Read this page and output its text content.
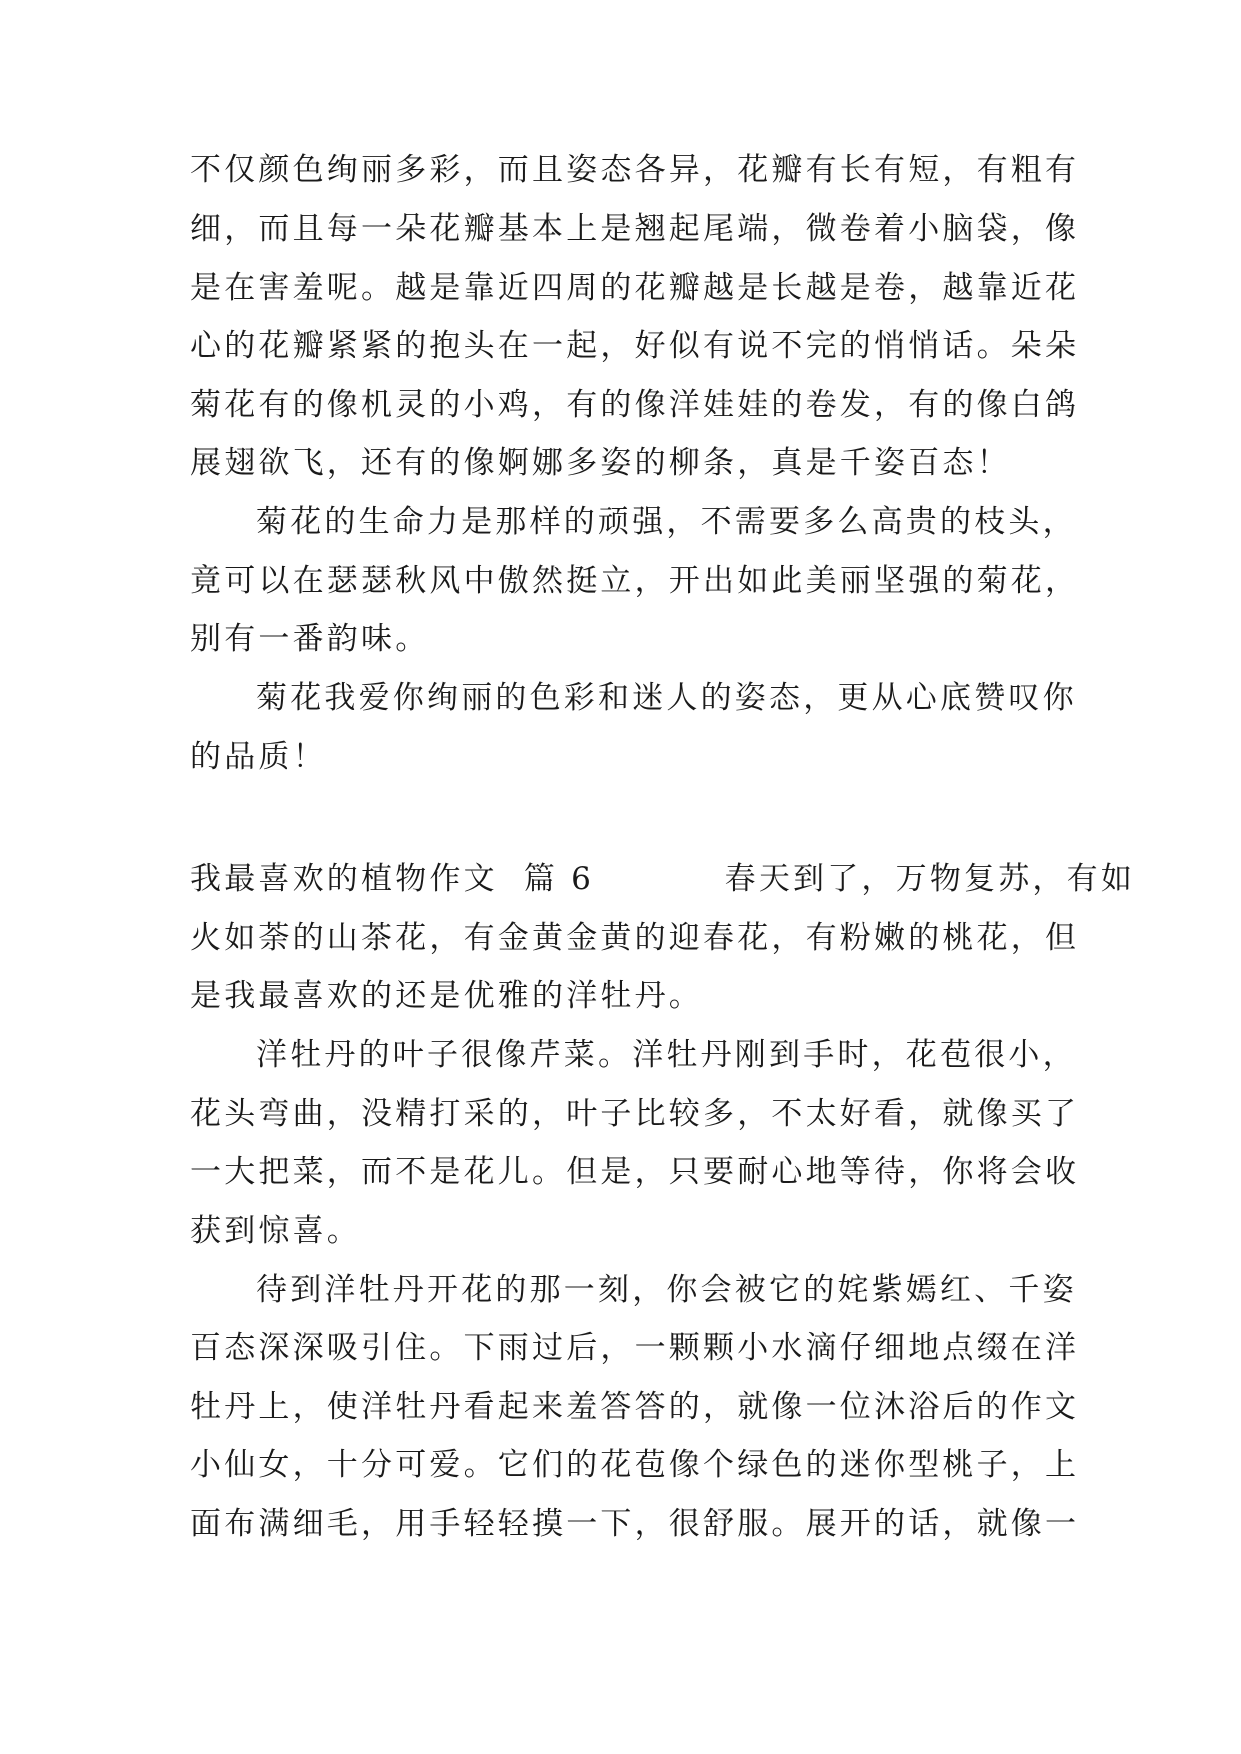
不仅颜色绚丽多彩，而且姿态各异，花瓣有长有短，有粗有
细，而且每一朵花瓣基本上是翘起尾端，微卷着小脑袋，像
是在害羞呢。越是靠近四周的花瓣越是长越是卷，越靠近花
心的花瓣紧紧的抱头在一起，好似有说不完的悄悄话。朵朵
菊花有的像机灵的小鸡，有的像洋娃娃的卷发，有的像白鸽
展翅欲飞，还有的像婀娜多姿的柳条，真是千姿百态！
菊花的生命力是那样的顽强，不需要多么高贵的枝头，
竟可以在瑟瑟秋风中傲然挺立，开出如此美丽坚强的菊花，
别有一番韵味。
菊花我爱你绚丽的色彩和迷人的姿态，更从心底赞叹你
的品质！
我最喜欢的植物作文  篇 6          春天到了，万物复苏，有如
火如荼的山茶花，有金黄金黄的迎春花，有粉嫩的桃花，但
是我最喜欢的还是优雅的洋牡丹。
洋牡丹的叶子很像芹菜。洋牡丹刚到手时，花苞很小，
花头弯曲，没精打采的，叶子比较多，不太好看，就像买了
一大把菜，而不是花儿。但是，只要耐心地等待，你将会收
获到惊喜。
待到洋牡丹开花的那一刻，你会被它的姹紫嫣红、千姿
百态深深吸引住。下雨过后，一颗颗小水滴仔细地点缀在洋
牡丹上，使洋牡丹看起来羞答答的，就像一位沐浴后的作文
小仙女，十分可爱。它们的花苞像个绿色的迷你型桃子，上
面布满细毛，用手轻轻摸一下，很舒服。展开的话，就像一
